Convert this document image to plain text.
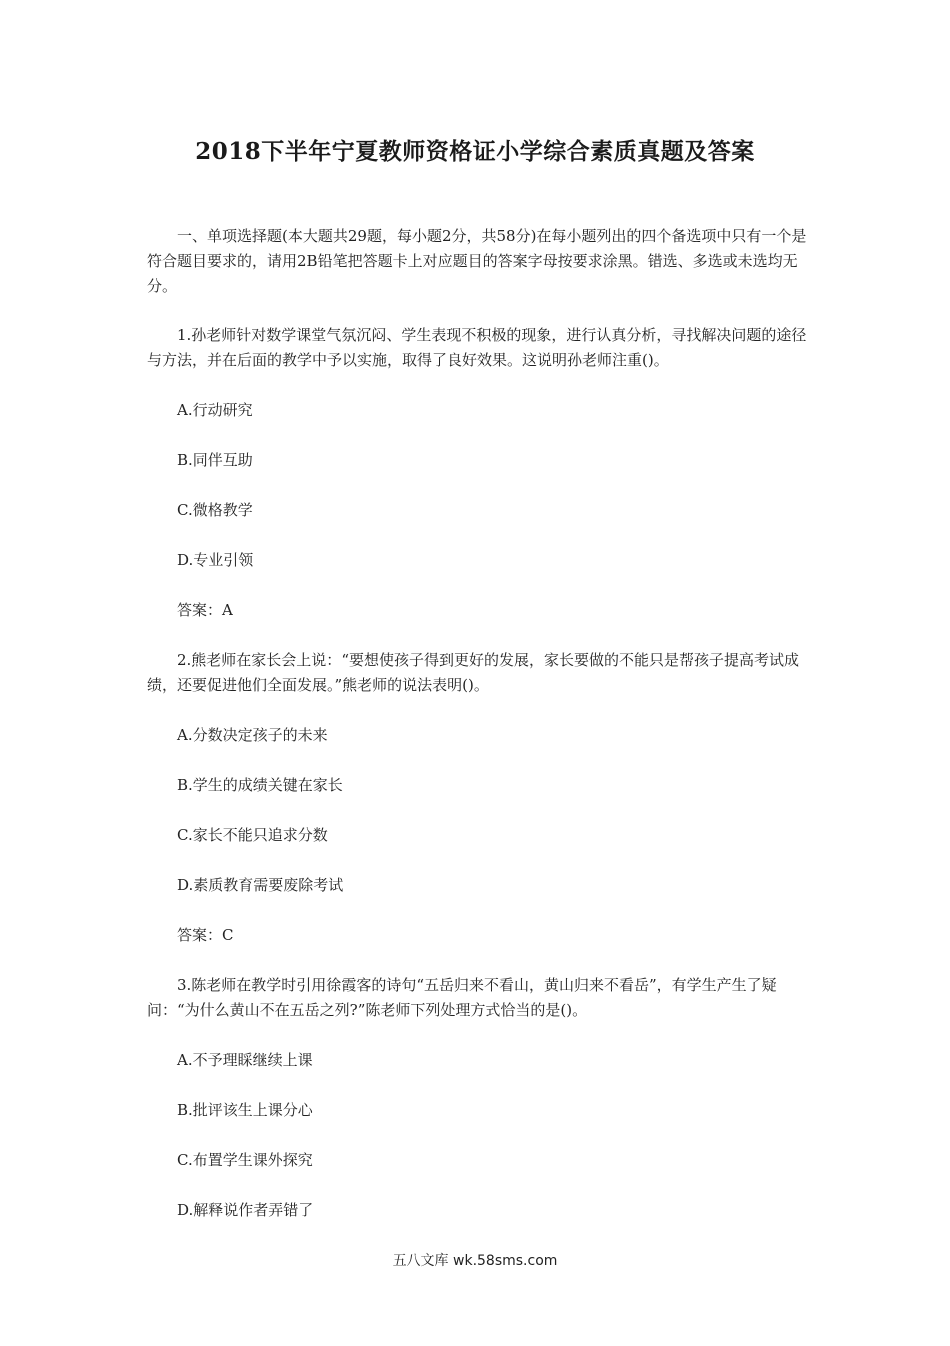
2018下半年宁夏教师资格证小学综合素质真题及答案

一、单项选择题(本大题共29题，每小题2分，共58分)在每小题列出的四个备选项中只有一个是符合题目要求的，请用2B铅笔把答题卡上对应题目的答案字母按要求涂黑。错选、多选或未选均无分。

1.孙老师针对数学课堂气氛沉闷、学生表现不积极的现象，进行认真分析，寻找解决问题的途径与方法，并在后面的教学中予以实施，取得了良好效果。这说明孙老师注重()。

A.行动研究

B.同伴互助

C.微格教学

D.专业引领

答案：A

2.熊老师在家长会上说：“要想使孩子得到更好的发展，家长要做的不能只是帮孩子提高考试成绩，还要促进他们全面发展。”熊老师的说法表明()。

A.分数决定孩子的未来

B.学生的成绩关键在家长

C.家长不能只追求分数

D.素质教育需要废除考试

答案：C

3.陈老师在教学时引用徐霞客的诗句“五岳归来不看山，黄山归来不看岳”，有学生产生了疑问：“为什么黄山不在五岳之列?”陈老师下列处理方式恰当的是()。

A.不予理睬继续上课

B.批评该生上课分心

C.布置学生课外探究

D.解释说作者弄错了

五八文库 wk.58sms.com
